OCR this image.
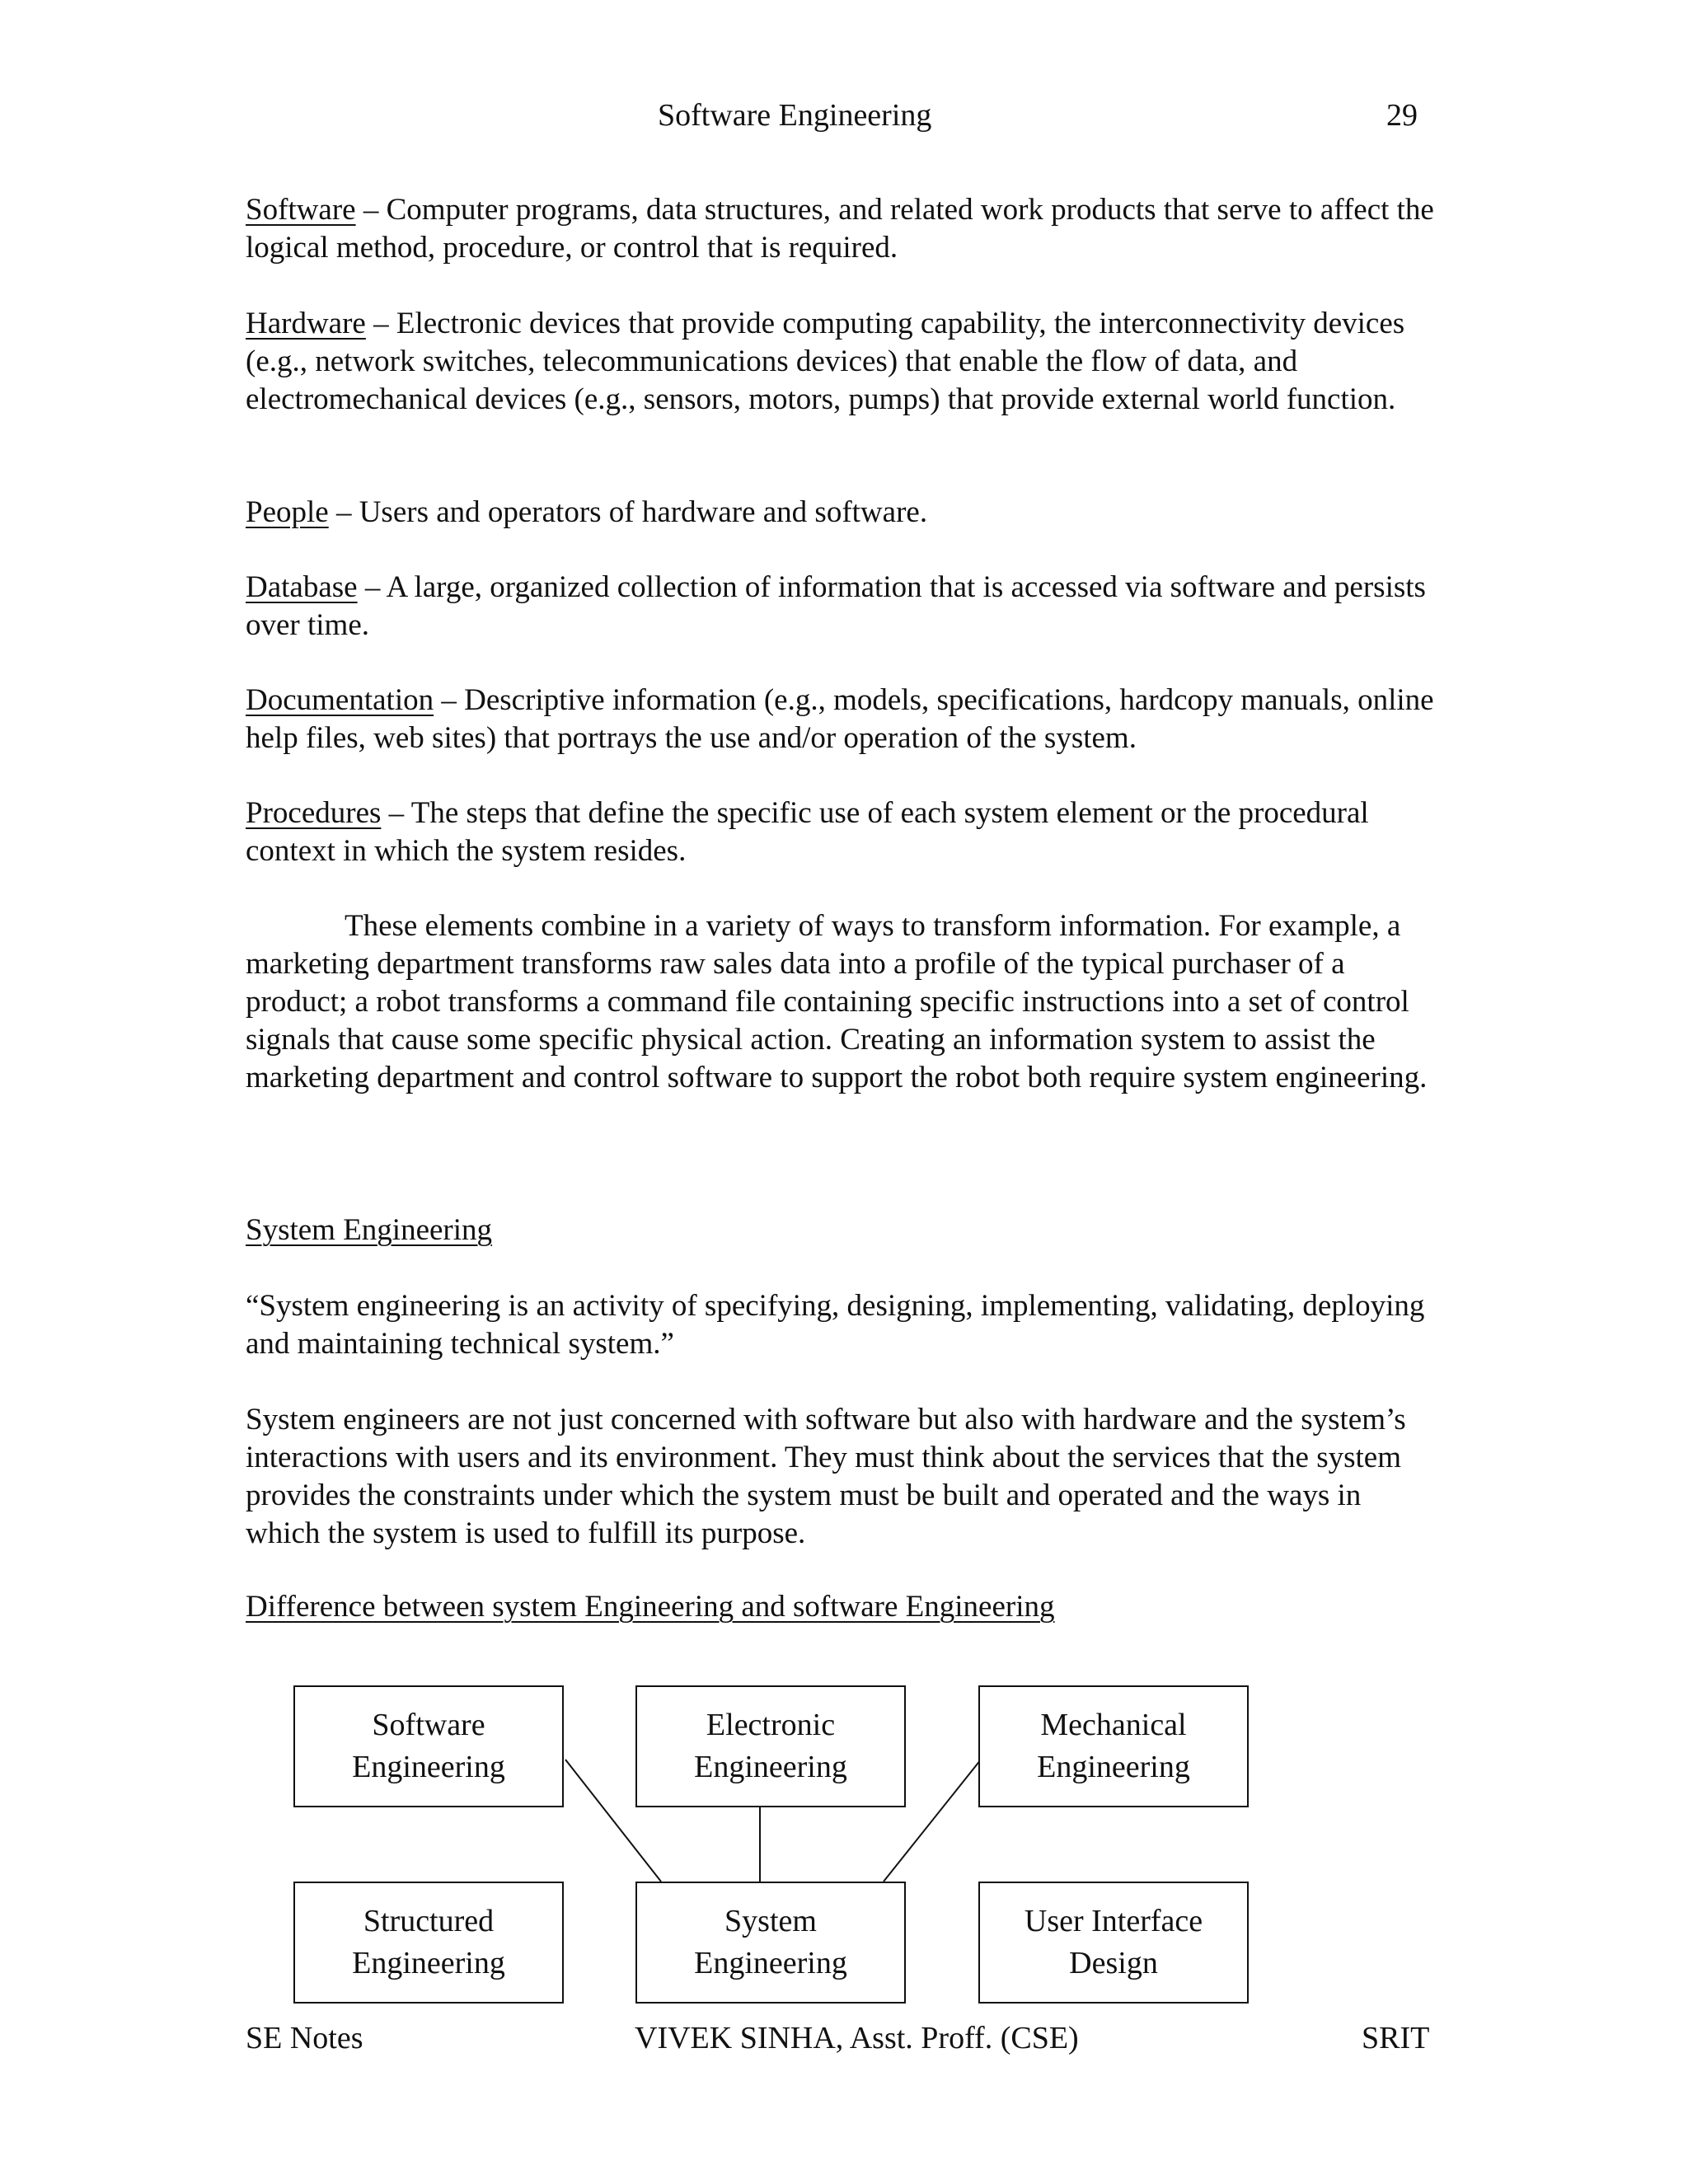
Software Engineering	29
Software – Computer programs, data structures, and related work products that serve to affect the logical method, procedure, or control that is required.
Hardware – Electronic devices that provide computing capability, the interconnectivity devices (e.g., network switches, telecommunications devices) that enable the flow of data, and electromechanical devices (e.g., sensors, motors, pumps) that provide external world function.
People – Users and operators of hardware and software.
Database – A large, organized collection of information that is accessed via software and persists over time.
Documentation – Descriptive information (e.g., models, specifications, hardcopy manuals, online help files, web sites) that portrays the use and/or operation of the system.
Procedures – The steps that define the specific use of each system element or the procedural context in which the system resides.
These elements combine in a variety of ways to transform information. For example, a marketing department transforms raw sales data into a profile of the typical purchaser of a product; a robot transforms a command file containing specific instructions into a set of control signals that cause some specific physical action. Creating an information system to assist the marketing department and control software to support the robot both require system engineering.
System Engineering
“System engineering is an activity of specifying, designing, implementing, validating, deploying and maintaining technical system.”
System engineers are not just concerned with software but also with hardware and the system’s interactions with users and its environment. They must think about the services that the system provides the constraints under which the system must be built and operated and the ways in which the system is used to fulfill its purpose.
Difference between system Engineering and software Engineering
Software
Engineering
Electronic
Engineering
Mechanical
Engineering
Structured
Engineering
System
Engineering
User Interface
Design
SE Notes	VIVEK SINHA, Asst. Proff. (CSE)	SRIT
